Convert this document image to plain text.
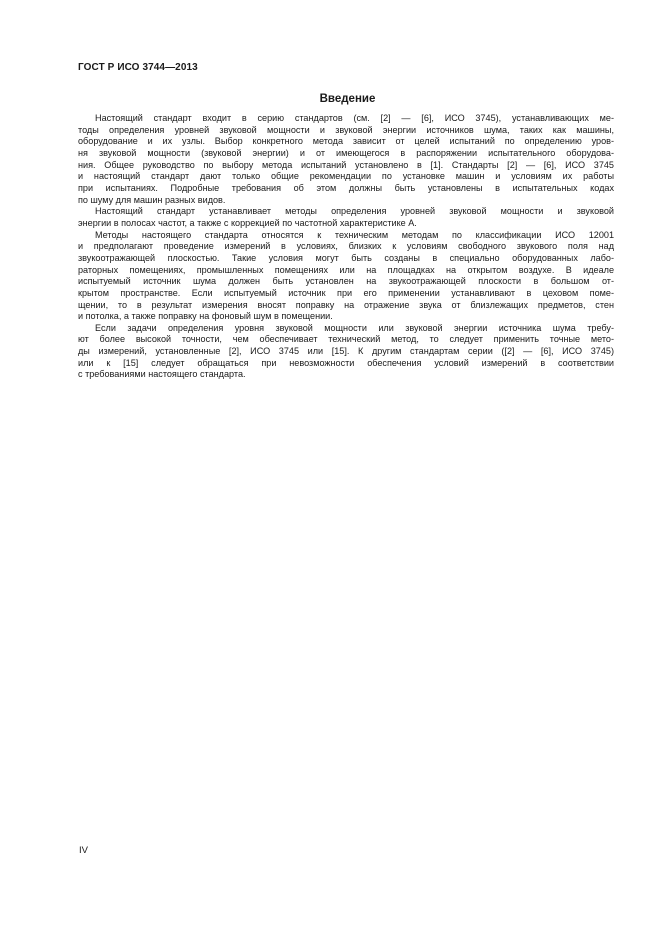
ГОСТ Р ИСО 3744—2013
Введение
Настоящий стандарт входит в серию стандартов (см. [2] — [6], ИСО 3745), устанавливающих ме-
тоды определения уровней звуковой мощности и звуковой энергии источников шума, таких как машины,
оборудование и их узлы. Выбор конкретного метода зависит от целей испытаний по определению уров-
ня звуковой мощности (звуковой энергии) и от имеющегося в распоряжении испытательного оборудова-
ния. Общее руководство по выбору метода испытаний установлено в [1]. Стандарты [2] — [6], ИСО 3745
и настоящий стандарт дают только общие рекомендации по установке машин и условиям их работы
при испытаниях. Подробные требования об этом должны быть установлены в испытательных кодах
по шуму для машин разных видов.
Настоящий стандарт устанавливает методы определения уровней звуковой мощности и звуковой
энергии в полосах частот, а также с коррекцией по частотной характеристике А.
Методы настоящего стандарта относятся к техническим методам по классификации ИСО 12001
и предполагают проведение измерений в условиях, близких к условиям свободного звукового поля над
звукоотражающей плоскостью. Такие условия могут быть созданы в специально оборудованных лабо-
раторных помещениях, промышленных помещениях или на площадках на открытом воздухе. В идеале
испытуемый источник шума должен быть установлен на звукоотражающей плоскости в большом от-
крытом пространстве. Если испытуемый источник при его применении устанавливают в цеховом поме-
щении, то в результат измерения вносят поправку на отражение звука от близлежащих предметов, стен
и потолка, а также поправку на фоновый шум в помещении.
Если задачи определения уровня звуковой мощности или звуковой энергии источника шума требу-
ют более высокой точности, чем обеспечивает технический метод, то следует применить точные мето-
ды измерений, установленные [2], ИСО 3745 или [15]. К другим стандартам серии ([2] — [6], ИСО 3745)
или к [15] следует обращаться при невозможности обеспечения условий измерений в соответствии
с требованиями настоящего стандарта.
IV
